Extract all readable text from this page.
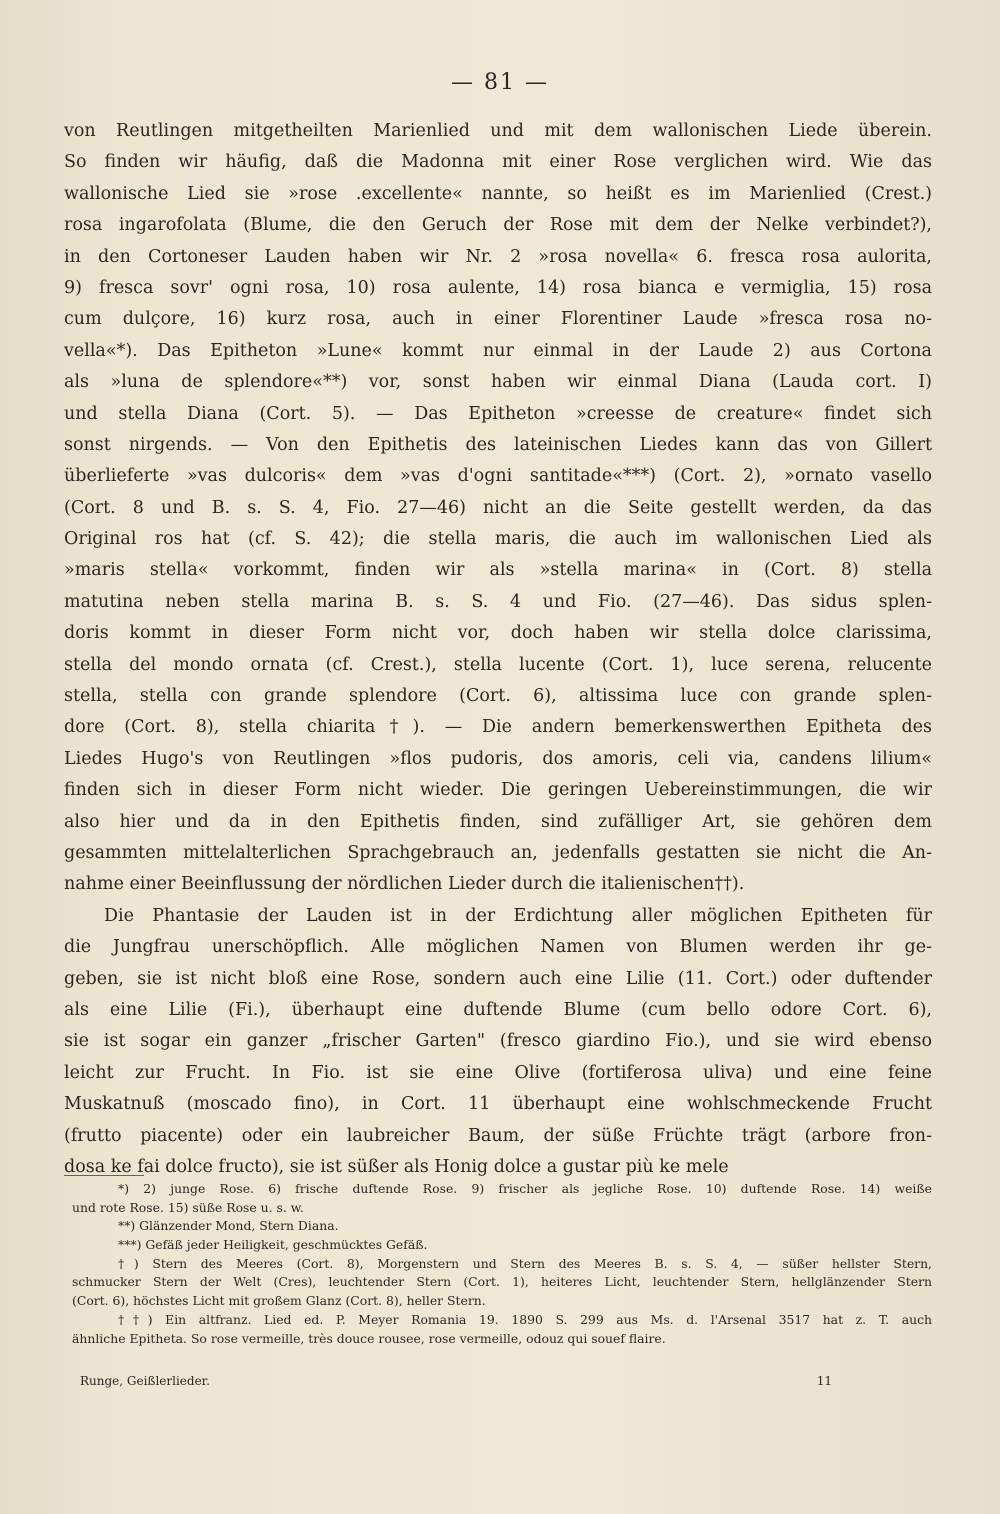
— 81 —
von Reutlingen mitgetheilten Marienlied und mit dem wallonischen Liede überein.
So finden wir häufig, daß die Madonna mit einer Rose verglichen wird. Wie das
wallonische Lied sie »rose .excellente« nannte, so heißt es im Marienlied (Crest.)
rosa ingarofolata (Blume, die den Geruch der Rose mit dem der Nelke verbindet?),
in den Cortoneser Lauden haben wir Nr. 2 »rosa novella« 6. fresca rosa aulorita,
9) fresca sovr' ogni rosa, 10) rosa aulente, 14) rosa bianca e vermiglia, 15) rosa
cum dulçore, 16) kurz rosa, auch in einer Florentiner Laude »fresca rosa no-
vella«*). Das Epitheton »Lune« kommt nur einmal in der Laude 2) aus Cortona
als »luna de splendore«**) vor, sonst haben wir einmal Diana (Lauda cort. I)
und stella Diana (Cort. 5). — Das Epitheton »creesse de creature« findet sich
sonst nirgends. — Von den Epithetis des lateinischen Liedes kann das von Gillert
überlieferte »vas dulcoris« dem »vas d'ogni santitade«***) (Cort. 2), »ornato vasello
(Cort. 8 und B. s. S. 4, Fio. 27—46) nicht an die Seite gestellt werden, da das
Original ros hat (cf. S. 42); die stella maris, die auch im wallonischen Lied als
»maris stella« vorkommt, finden wir als »stella marina« in (Cort. 8) stella
matutina neben stella marina B. s. S. 4 und Fio. (27—46). Das sidus splen-
doris kommt in dieser Form nicht vor, doch haben wir stella dolce clarissima,
stella del mondo ornata (cf. Crest.), stella lucente (Cort. 1), luce serena, relucente
stella, stella con grande splendore (Cort. 6), altissima luce con grande splen-
dore (Cort. 8), stella chiarita†). — Die andern bemerkenswerthen Epitheta des
Liedes Hugo's von Reutlingen »flos pudoris, dos amoris, celi via, candens lilium«
finden sich in dieser Form nicht wieder. Die geringen Uebereinstimmungen, die wir
also hier und da in den Epithetis finden, sind zufälliger Art, sie gehören dem
gesammten mittelalterlichen Sprachgebrauch an, jedenfalls gestatten sie nicht die An-
nahme einer Beeinflussung der nördlichen Lieder durch die italienischen††).
Die Phantasie der Lauden ist in der Erdichtung aller möglichen Epitheten für
die Jungfrau unerschöpflich. Alle möglichen Namen von Blumen werden ihr ge-
geben, sie ist nicht bloß eine Rose, sondern auch eine Lilie (11. Cort.) oder duftender
als eine Lilie (Fi.), überhaupt eine duftende Blume (cum bello odore Cort. 6),
sie ist sogar ein ganzer „frischer Garten" (fresco giardino Fio.), und sie wird ebenso
leicht zur Frucht. In Fio. ist sie eine Olive (fortiferosa uliva) und eine feine
Muskatnuß (moscado fino), in Cort. 11 überhaupt eine wohlschmeckende Frucht
(frutto piacente) oder ein laubreicher Baum, der süße Früchte trägt (arbore fron-
dosa ke fai dolce fructo), sie ist süßer als Honig dolce a gustar più ke mele
*) 2) junge Rose. 6) frische duftende Rose. 9) frischer als jegliche Rose. 10) duftende Rose. 14) weiße
und rote Rose. 15) süße Rose u. s. w.
**) Glänzender Mond, Stern Diana.
***) Gefäß jeder Heiligkeit, geschmücktes Gefäß.
†) Stern des Meeres (Cort. 8), Morgenstern und Stern des Meeres B. s. S. 4, — süßer hellster Stern,
schmucker Stern der Welt (Cres), leuchtender Stern (Cort. 1), heiteres Licht, leuchtender Stern, hellglänzender Stern
(Cort. 6), höchstes Licht mit großem Glanz (Cort. 8), heller Stern.
††) Ein altfranz. Lied ed. P. Meyer Romania 19. 1890 S. 299 aus Ms. d. l'Arsenal 3517 hat z. T. auch
ähnliche Epitheta. So rose vermeille, très douce rousee, rose vermeille, odouz qui souef flaire.
Runge, Geißlerlieder.	11
